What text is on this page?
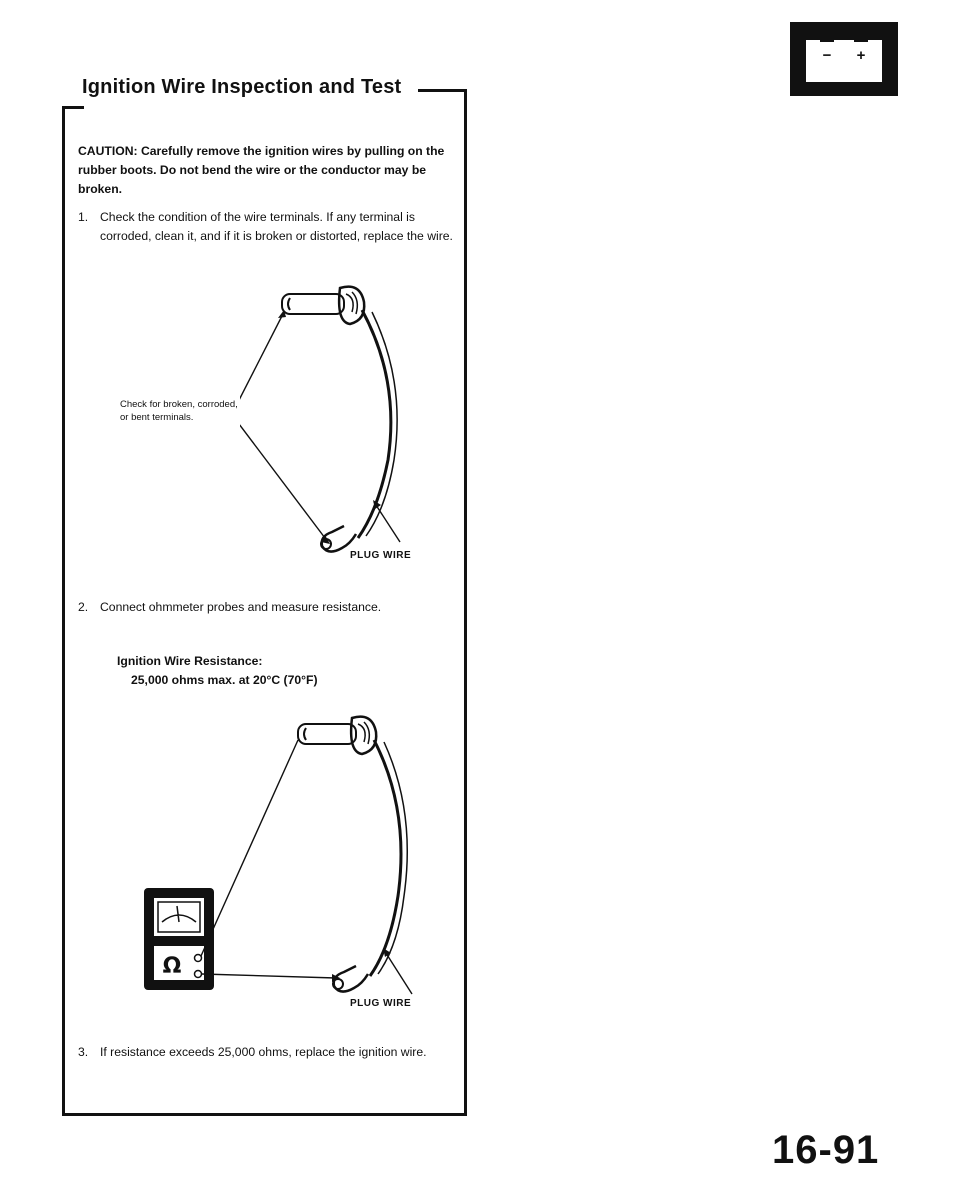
− +
Ignition Wire Inspection and Test

CAUTION: Carefully remove the ignition wires by pulling on the rubber boots. Do not bend the wire or the conductor may be broken.

1. Check the condition of the wire terminals. If any terminal is corroded, clean it, and if it is broken or distorted, replace the wire.
Check for broken, corroded, or bent terminals.
PLUG WIRE
2. Connect ohmmeter probes and measure resistance.
Ignition Wire Resistance:
25,000 ohms max. at 20°C (70°F)
Ω
PLUG WIRE
3. If resistance exceeds 25,000 ohms, replace the ignition wire.
16-91
